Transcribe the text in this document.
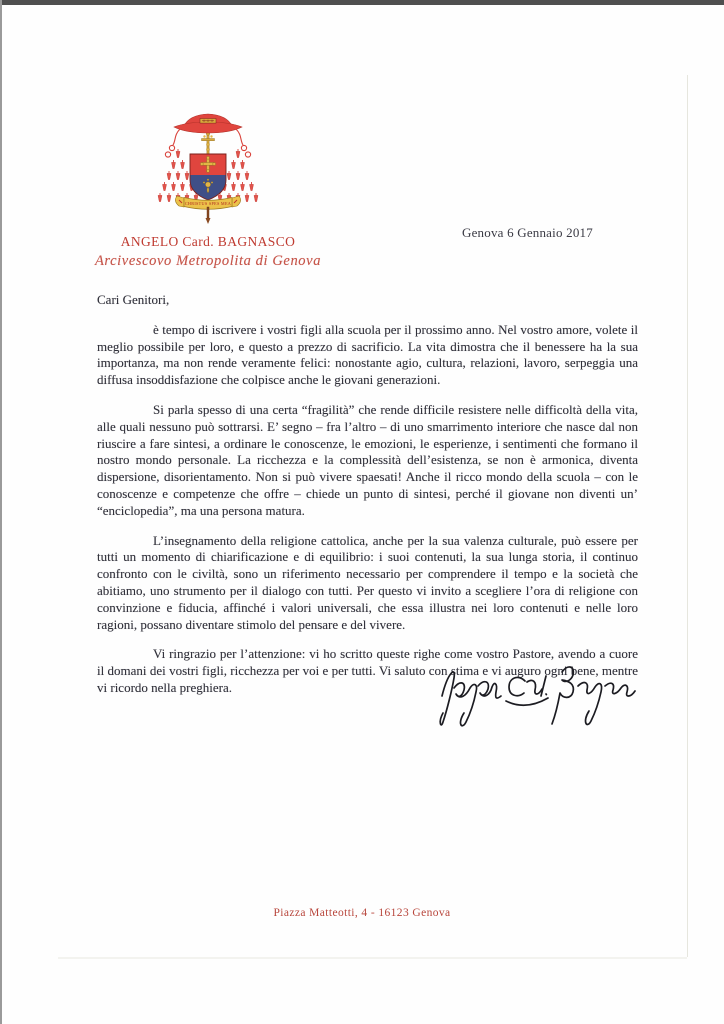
CHRISTUS SPES MEA
ANGELO Card. BAGNASCO
Arcivescovo Metropolita di Genova
Genova 6 Gennaio 2017

Cari Genitori,

è tempo di iscrivere i vostri figli alla scuola per il prossimo anno. Nel vostro amore, volete il meglio possibile per loro, e questo a prezzo di sacrificio. La vita dimostra che il benessere ha la sua importanza, ma non rende veramente felici: nonostante agio, cultura, relazioni, lavoro, serpeggia una diffusa insoddisfazione che colpisce anche le giovani generazioni.

Si parla spesso di una certa “fragilità” che rende difficile resistere nelle difficoltà della vita, alle quali nessuno può sottrarsi. E’ segno – fra l’altro – di uno smarrimento interiore che nasce dal non riuscire a fare sintesi, a ordinare le conoscenze, le emozioni, le esperienze, i sentimenti che formano il nostro mondo personale. La ricchezza e la complessità dell’esistenza, se non è armonica, diventa dispersione, disorientamento. Non si può vivere spaesati! Anche il ricco mondo della scuola – con le conoscenze e competenze che offre – chiede un punto di sintesi, perché il giovane non diventi un’ “enciclopedia”, ma una persona matura.

L’insegnamento della religione cattolica, anche per la sua valenza culturale, può essere per tutti un momento di chiarificazione e di equilibrio: i suoi contenuti, la sua lunga storia, il continuo confronto con le civiltà, sono un riferimento necessario per comprendere il tempo e la società che abitiamo, uno strumento per il dialogo con tutti. Per questo vi invito a scegliere l’ora di religione con convinzione e fiducia, affinché i valori universali, che essa illustra nei loro contenuti e nelle loro ragioni, possano diventare stimolo del pensare e del vivere.

Vi ringrazio per l’attenzione: vi ho scritto queste righe come vostro Pastore, avendo a cuore il domani dei vostri figli, ricchezza per voi e per tutti. Vi saluto con stima e vi auguro ogni bene, mentre vi ricordo nella preghiera.

Piazza Matteotti, 4 - 16123 Genova
